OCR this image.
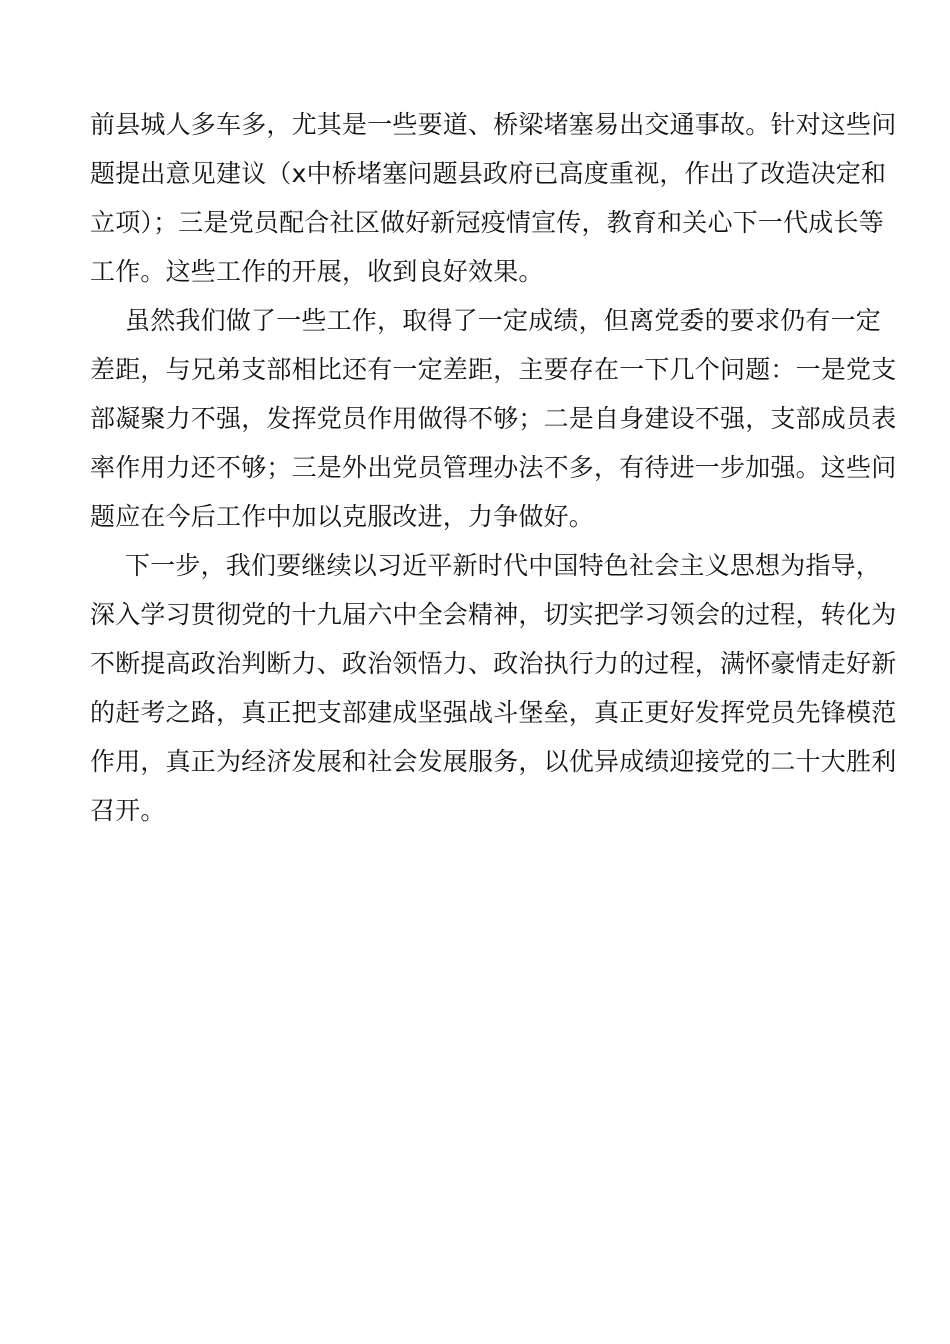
前县城人多车多，尤其是一些要道、桥梁堵塞易出交通事故。针对这些问
题提出意见建议（x中桥堵塞问题县政府已高度重视，作出了改造决定和
立项）；三是党员配合社区做好新冠疫情宣传，教育和关心下一代成长等
工作。这些工作的开展，收到良好效果。
虽然我们做了一些工作，取得了一定成绩，但离党委的要求仍有一定
差距，与兄弟支部相比还有一定差距，主要存在一下几个问题：一是党支
部凝聚力不强，发挥党员作用做得不够；二是自身建设不强，支部成员表
率作用力还不够；三是外出党员管理办法不多，有待进一步加强。这些问
题应在今后工作中加以克服改进，力争做好。
下一步，我们要继续以习近平新时代中国特色社会主义思想为指导，
深入学习贯彻党的十九届六中全会精神，切实把学习领会的过程，转化为
不断提高政治判断力、政治领悟力、政治执行力的过程，满怀豪情走好新
的赶考之路，真正把支部建成坚强战斗堡垒，真正更好发挥党员先锋模范
作用，真正为经济发展和社会发展服务，以优异成绩迎接党的二十大胜利
召开。
